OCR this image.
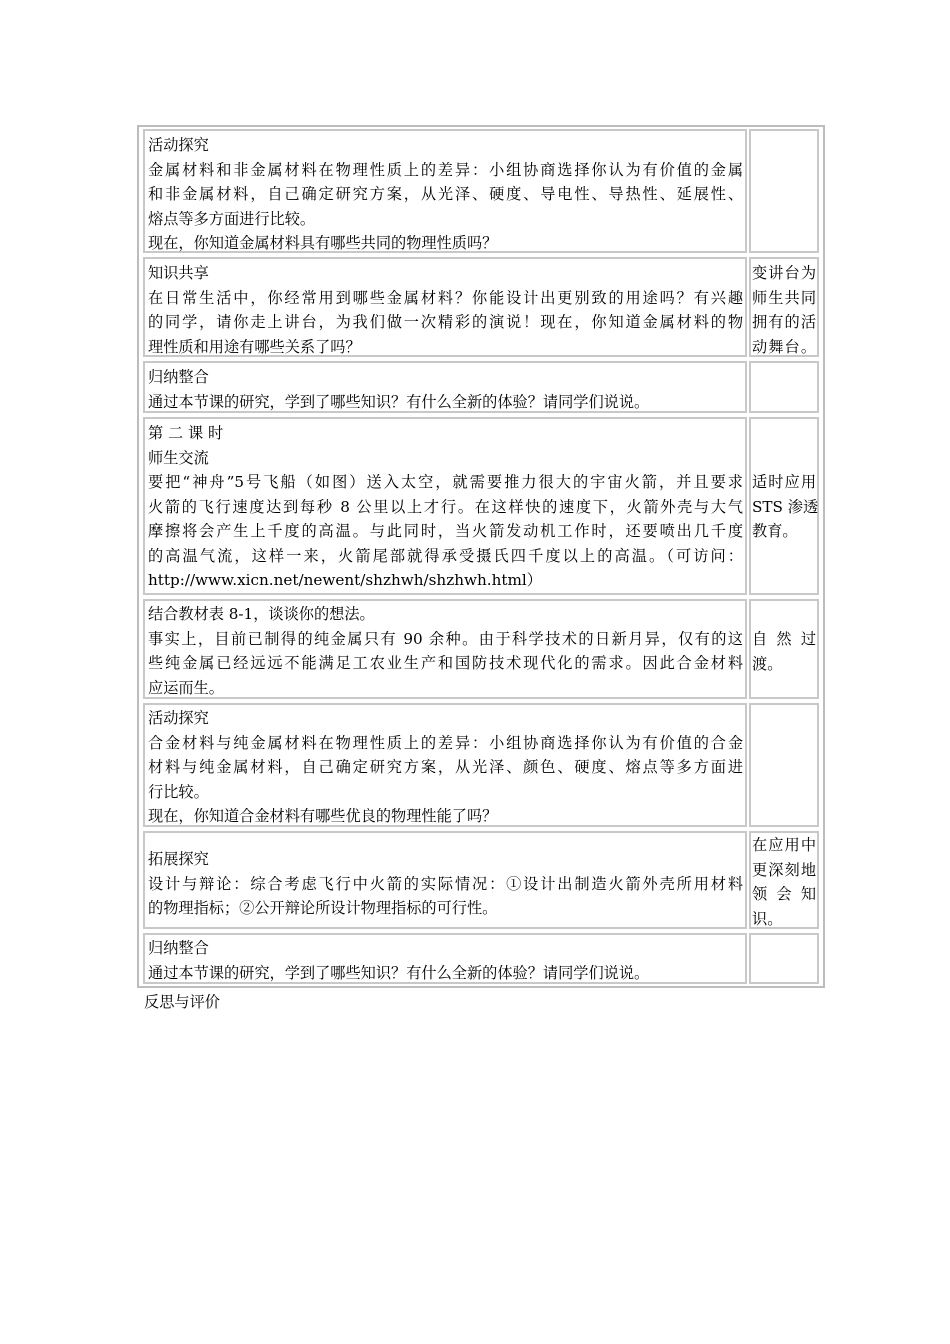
活动探究
金属材料和非金属材料在物理性质上的差异：小组协商选择你认为有价值的金属
和非金属材料，自己确定研究方案，从光泽、硬度、导电性、导热性、延展性、
熔点等多方面进行比较。
现在，你知道金属材料具有哪些共同的物理性质吗？
知识共享
在日常生活中，你经常用到哪些金属材料？你能设计出更别致的用途吗？有兴趣
的同学，请你走上讲台，为我们做一次精彩的演说！现在，你知道金属材料的物
理性质和用途有哪些关系了吗？
变讲台为
师生共同
拥有的活
动舞台。
归纳整合
通过本节课的研究，学到了哪些知识？有什么全新的体验？请同学们说说。
第 二 课 时
师生交流
要把“神舟”5号飞船（如图）送入太空，就需要推力很大的宇宙火箭，并且要求
火箭的飞行速度达到每秒 8 公里以上才行。在这样快的速度下，火箭外壳与大气
摩擦将会产生上千度的高温。与此同时，当火箭发动机工作时，还要喷出几千度
的高温气流，这样一来，火箭尾部就得承受摄氏四千度以上的高温。（可访问：
http://www.xicn.net/newent/shzhwh/shzhwh.html）
适时应用
STS 渗透
教育。
结合教材表 8-1，谈谈你的想法。
事实上，目前已制得的纯金属只有 90 余种。由于科学技术的日新月异，仅有的这
些纯金属已经远远不能满足工农业生产和国防技术现代化的需求。因此合金材料
应运而生。
自然过
渡。
活动探究
合金材料与纯金属材料在物理性质上的差异：小组协商选择你认为有价值的合金
材料与纯金属材料，自己确定研究方案，从光泽、颜色、硬度、熔点等多方面进
行比较。
现在，你知道合金材料有哪些优良的物理性能了吗？
拓展探究
设计与辩论：综合考虑飞行中火箭的实际情况：①设计出制造火箭外壳所用材料
的物理指标；②公开辩论所设计物理指标的可行性。
在应用中
更深刻地
领会知
识。
归纳整合
通过本节课的研究，学到了哪些知识？有什么全新的体验？请同学们说说。
反思与评价
